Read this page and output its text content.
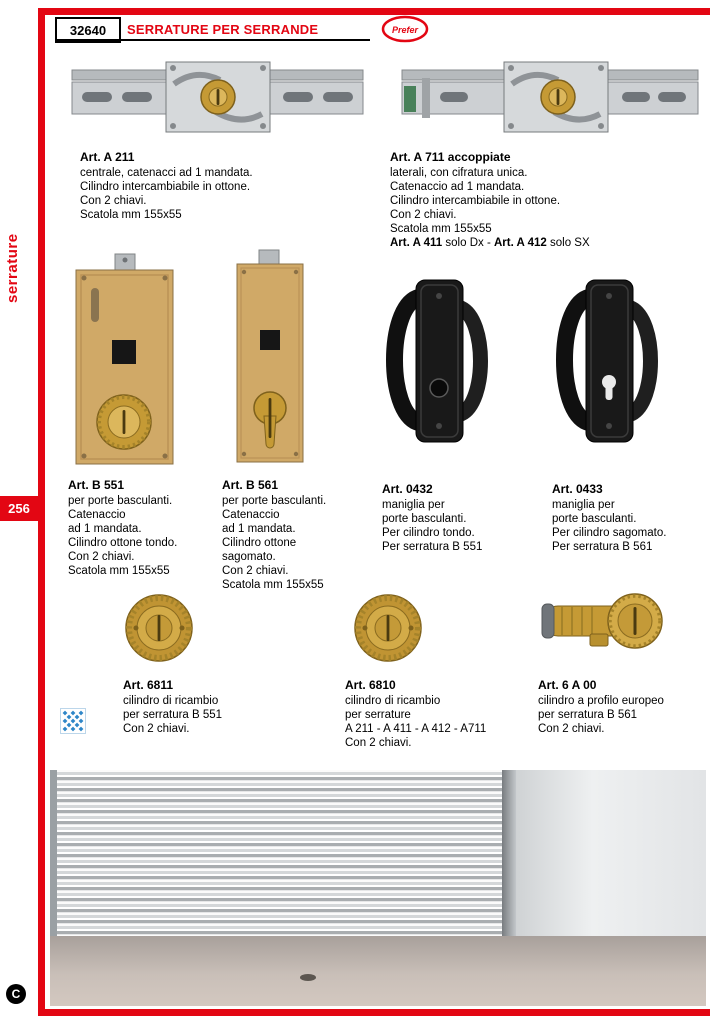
32640 SERRATURE PER SERRANDE	Prefer
serrature
256
Art. A 211
centrale, catenacci ad 1 mandata.
Cilindro intercambiabile in ottone.
Con 2 chiavi.
Scatola mm 155x55
Art. A 711 accoppiate
laterali, con cifratura unica.
Catenaccio ad 1 mandata.
Cilindro intercambiabile in ottone.
Con 2 chiavi.
Scatola mm 155x55
Art. A 411 solo Dx - Art. A 412 solo SX
Art. B 551
per porte basculanti.
Catenaccio
ad 1 mandata.
Cilindro ottone tondo.
Con 2 chiavi.
Scatola mm 155x55
Art. B 561
per porte basculanti.
Catenaccio
ad 1 mandata.
Cilindro ottone
sagomato.
Con 2 chiavi.
Scatola mm 155x55
Art. 0432
maniglia per
porte basculanti.
Per cilindro tondo.
Per serratura B 551
Art. 0433
maniglia per
porte basculanti.
Per cilindro sagomato.
Per serratura B 561
Art. 6811
cilindro di ricambio
per serratura B 551
Con 2 chiavi.
Art. 6810
cilindro di ricambio
per serrature
A 211 - A 411 - A 412 - A711
Con 2 chiavi.
Art. 6 A 00
cilindro a profilo europeo
per serratura B 561
Con 2 chiavi.
C
